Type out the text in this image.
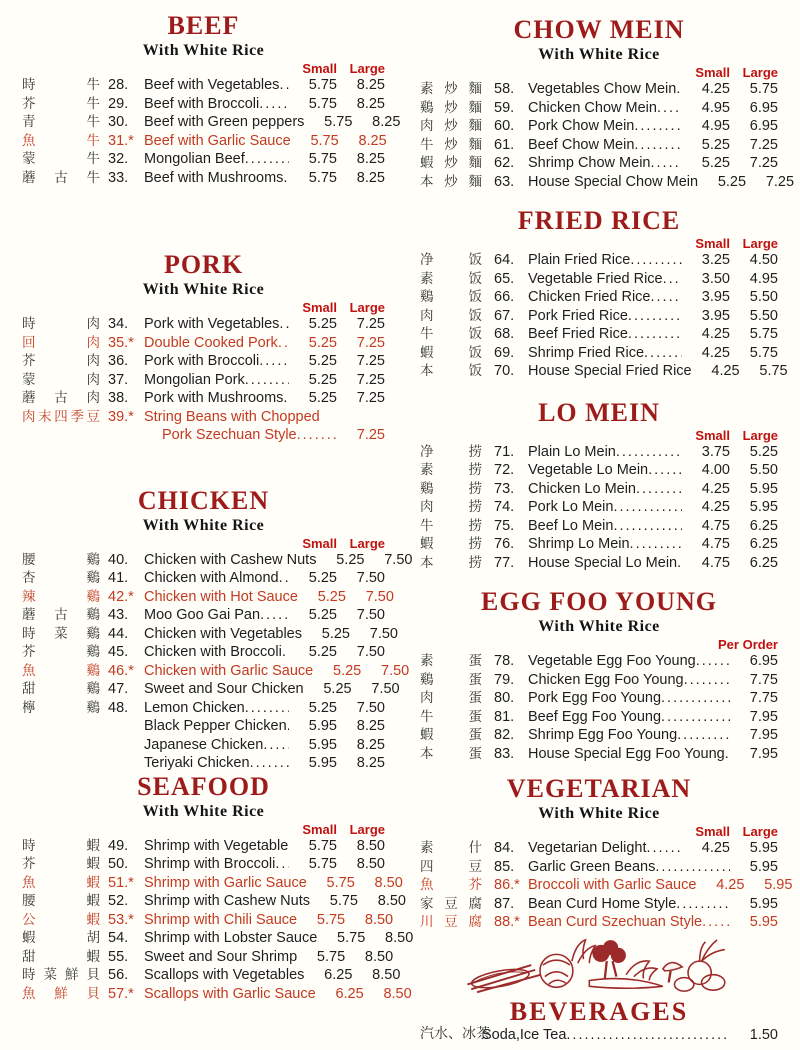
BEEF
With White Rice
Small Large
時	牛 28.	Beef with Vegetables .....	5.75	8.25
芥	牛 29.	Beef with Broccoli .....	5.75	8.25
青	牛 30.	Beef with Green peppers	5.75	8.25
魚	牛 31.* Beef with Garlic Sauce	5.75	8.25
蒙	牛 32.	Mongolian Beef .....	5.75	8.25
蘑 古 牛 33.	Beef with Mushrooms .....	5.75	8.25
PORK
With White Rice
Small Large
時	肉 34.	Pork with Vegetables .....	5.25	7.25
回	肉 35.* Double Cooked Pork .....	5.25	7.25
芥	肉 36.	Pork with Broccoli .....	5.25	7.25
蒙	肉 37.	Mongolian Pork .....	5.25	7.25
蘑 古 肉 38.	Pork with Mushrooms .....	5.25	7.25
肉 末 四 季 豆 39.* String Beans with Chopped
Pork Szechuan Style .....	7.25
CHICKEN
With White Rice
Small Large
腰	鷄 40.	Chicken with Cashew Nuts	5.25	7.50
杏	鷄 41.	Chicken with Almond .....	5.25	7.50
辣	鷄 42.* Chicken with Hot Sauce	5.25	7.50
蘑 古 鷄 43.	Moo Goo Gai Pan .....	5.25	7.50
時 菜 鷄 44.	Chicken with Vegetables	5.25	7.50
芥	鷄 45.	Chicken with Broccoli .....	5.25	7.50
魚	鷄 46.* Chicken with Garlic Sauce	5.25	7.50
甜	鷄 47.	Sweet and Sour Chicken	5.25	7.50
檸	鷄 48.	Lemon Chicken .....	5.25	7.50
Black Pepper Chicken .....	5.95	8.25
Japanese Chicken .....	5.95	8.25
Teriyaki Chicken .....	5.95	8.25
SEAFOOD
With White Rice
Small Large
時	蝦 49.	Shrimp with Vegetable .....	5.75	8.50
芥	蝦 50.	Shrimp with Broccoli .....	5.75	8.50
魚	蝦 51.* Shrimp with Garlic Sauce	5.75	8.50
腰	蝦 52.	Shrimp with Cashew Nuts	5.75	8.50
公	蝦 53.* Shrimp with Chili Sauce	5.75	8.50
蝦	胡 54.	Shrimp with Lobster Sauce	5.75	8.50
甜	蝦 55.	Sweet and Sour Shrimp	5.75	8.50
時 菜 鮮 貝 56.	Scallops with Vegetables	6.25	8.50
魚 鮮 貝 57.* Scallops with Garlic Sauce	6.25	8.50
CHOW MEIN
With White Rice
Small Large
素 炒 麵 58. Vegetables Chow Mein .....	4.25	5.75
鷄 炒 麵 59. Chicken Chow Mein .....	4.95	6.95
肉 炒 麵 60. Pork Chow Mein .....	4.95	6.95
牛 炒 麵 61. Beef Chow Mein .....	5.25	7.25
蝦 炒 麵 62. Shrimp Chow Mein .....	5.25	7.25
本 炒 麵 63. House Special Chow Mein	5.25	7.25
FRIED RICE
Small Large
净	饭 64. Plain Fried Rice .....	3.25	4.50
素	饭 65. Vegetable Fried Rice .....	3.50	4.95
鷄	饭 66. Chicken Fried Rice .....	3.95	5.50
肉	饭 67. Pork Fried Rice .....	3.95	5.50
牛	饭 68. Beef Fried Rice .....	4.25	5.75
蝦	饭 69. Shrimp Fried Rice .....	4.25	5.75
本	饭 70. House Special Fried Rice	4.25	5.75
LO MEIN
Small Large
净	捞 71. Plain Lo Mein .....	3.75	5.25
素	捞 72. Vegetable Lo Mein .....	4.00	5.50
鷄	捞 73. Chicken Lo Mein .....	4.25	5.95
肉	捞 74. Pork Lo Mein .....	4.25	5.95
牛	捞 75. Beef Lo Mein .....	4.75	6.25
蝦	捞 76. Shrimp Lo Mein .....	4.75	6.25
本	捞 77. House Special Lo Mein .....	4.75	6.25
EGG FOO YOUNG
With White Rice
Per Order
素	蛋 78. Vegetable Egg Foo Young .....	6.95
鷄	蛋 79. Chicken Egg Foo Young .....	7.75
肉	蛋 80. Pork Egg Foo Young .....	7.75
牛	蛋 81. Beef Egg Foo Young .....	7.95
蝦	蛋 82. Shrimp Egg Foo Young .....	7.95
本	蛋 83. House Special Egg Foo Young .....	7.95
VEGETARIAN
With White Rice
Small Large
素	什 84. Vegetarian Delight .....	4.25	5.95
四	豆 85. Garlic Green Beans .....	5.95
魚	芥 86.* Broccoli with Garlic Sauce	4.25	5.95
家 豆 腐 87. Bean Curd Home Style .....	5.95
川 豆 腐 88.* Bean Curd Szechuan Style .....	5.95
BEVERAGES
汽水、冰茶
Soda,Ice Tea .....	1.50
